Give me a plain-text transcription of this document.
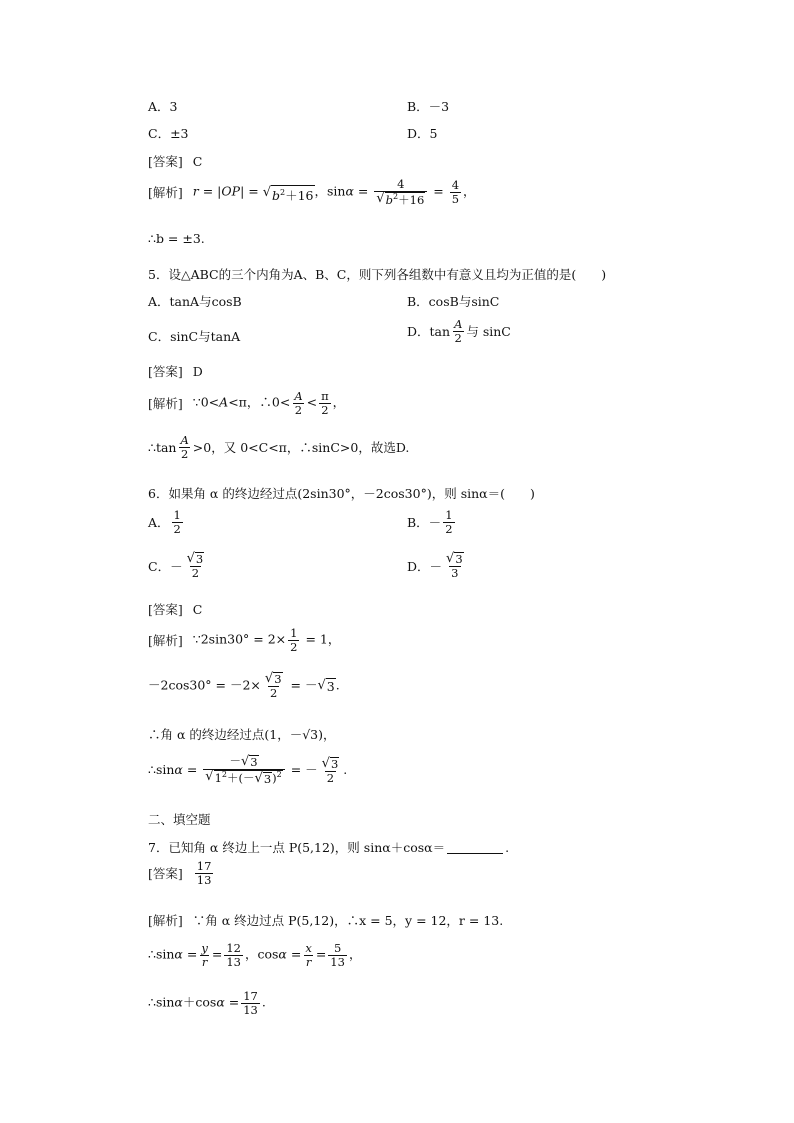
A．3	B．－3
C．±3	D．5
[答案] C
[解析] r = |OP| = √ $b^2+16$ ，$\sin\alpha = \frac{4}{√ b^2+16} = \frac{4}{5}$ ，
∴b = ±3.
5．设△ABC的三个内角为A、B、C，则下列各组数中有意义且均为正值的是(　　)
A．tanA与cosB	B．cosB与sinC
C．sinC与tanA	D．$\tan \frac{A}{2}$ 与 sinC
[答案] D
[解析] ∵0<A<π，∴0< $\frac{A}{2} < \frac{\pi}{2}$ ，
∴tan $\frac{A}{2} >0$，又 0<C<π，∴sinC>0，故选D.
6．如果角 α 的终边经过点(2sin30°，－2cos30°)，则 sinα＝(　　)
A． $\frac{1}{2}$	B．－ $\frac{1}{2}$
C．－ $\frac{√ 3}{2}$	D．－ $\frac{√ 3}{3}$
[答案] C
[解析] ∵2sin30° = $2\times \frac{1}{2} = 1$，
$-2\cos 30^\circ = -2\times \frac{√ 3}{2}$ = － √ 3 .
∴角 α 的终边经过点(1，－√3)，
∴sinα = $\frac{- √ 3}{√ 1^2+(- √ 3 )^2}$ = － $\frac{√ 3}{2}$ .
二、填空题
7．已知角 α 终边上一点 P(5,12)，则 sinα＋cosα＝	.
[答案] $\frac{17}{13}$
[解析] ∵角 α 终边过点 P(5,12)，∴x = 5，y = 12，r = 13.
∴sinα = $\frac{y}{r} = \frac{12}{13}$ ，$\cos\alpha = \frac{x}{r} = \frac{5}{13}$ ，
∴sinα＋cosα = $\frac{17}{13}$ .
